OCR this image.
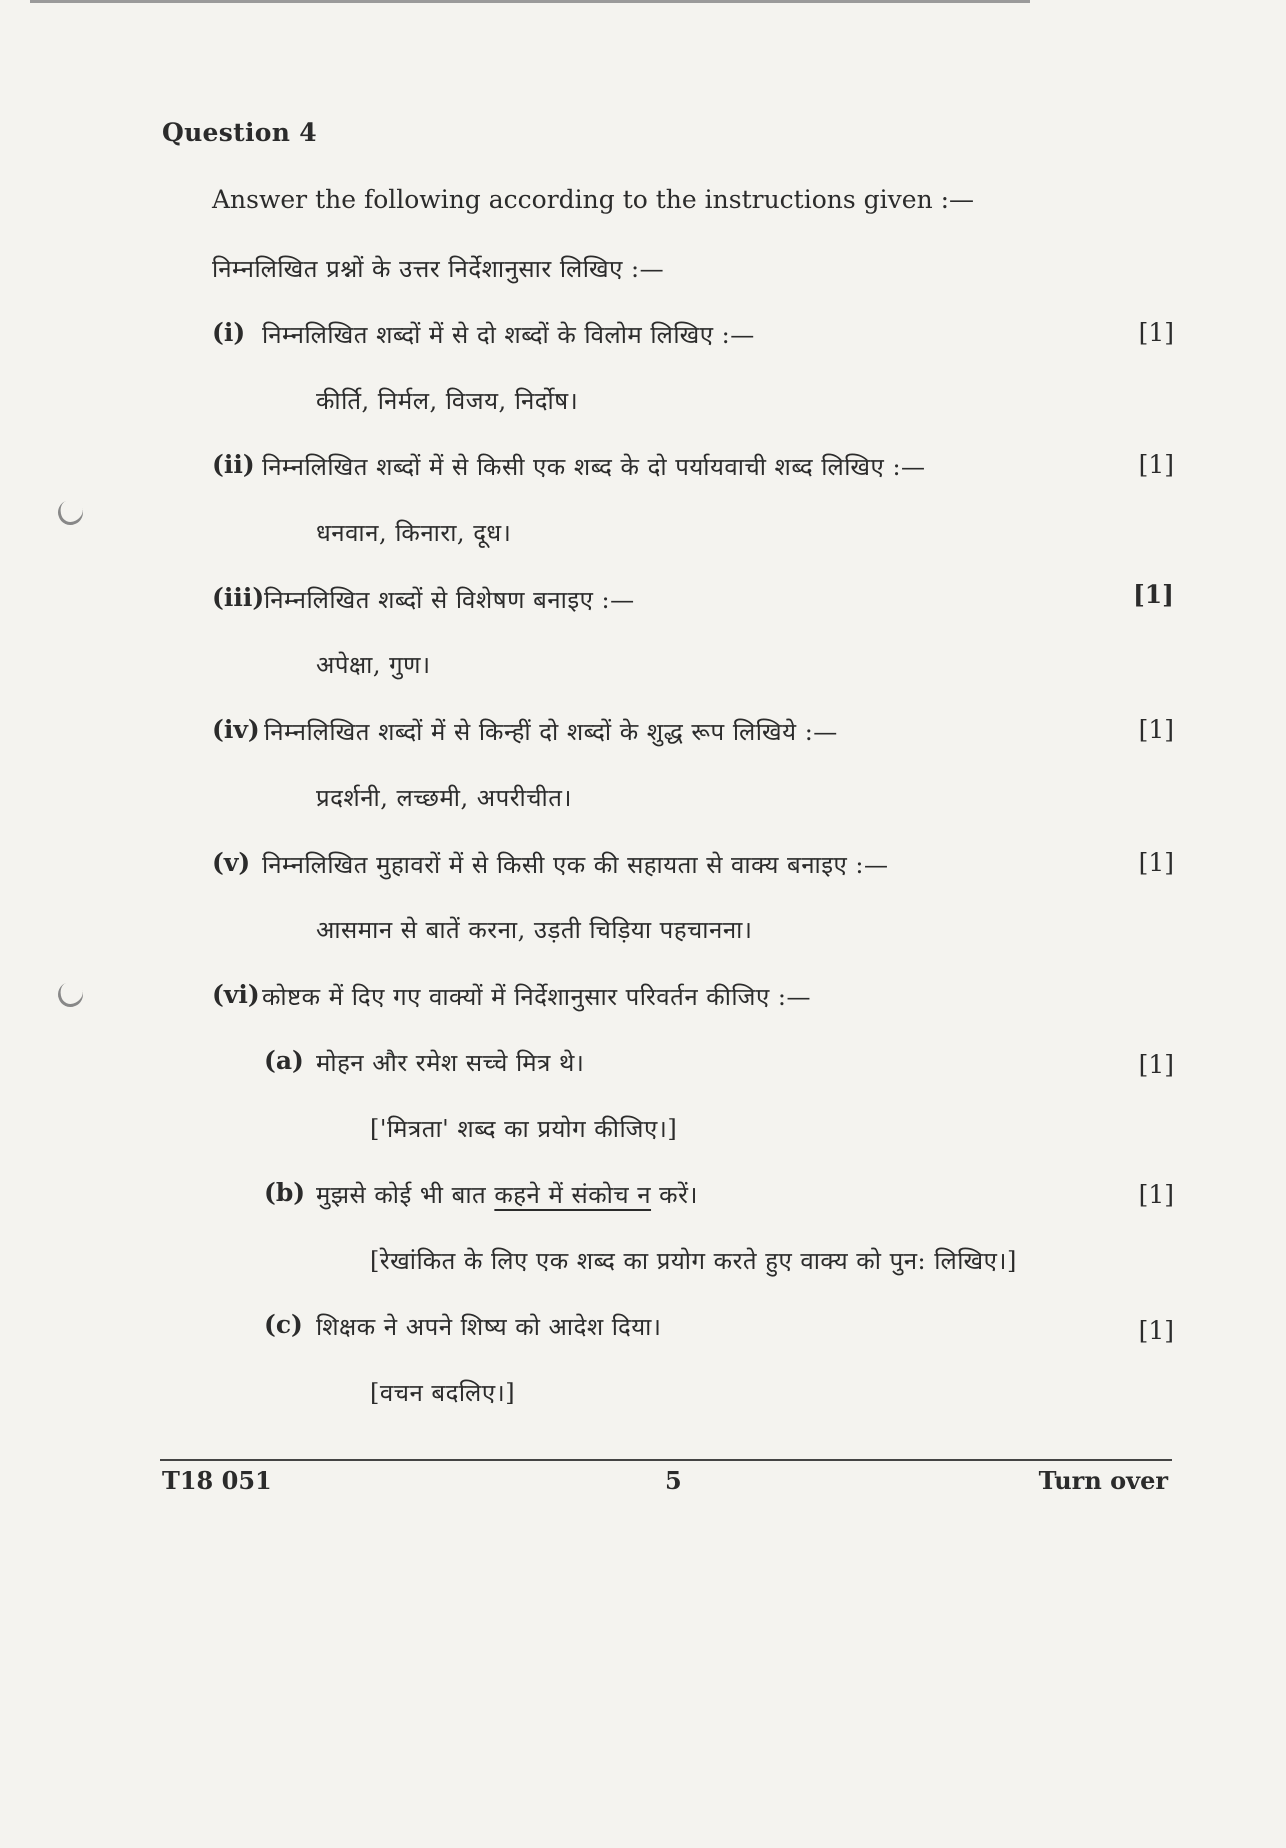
Question 4
Answer the following according to the instructions given :—
निम्नलिखित प्रश्नों के उत्तर निर्देशानुसार लिखिए :—
(i) निम्नलिखित शब्दों में से दो शब्दों के विलोम लिखिए :—	[1]
कीर्ति, निर्मल, विजय, निर्दोष।
(ii) निम्नलिखित शब्दों में से किसी एक शब्द के दो पर्यायवाची शब्द लिखिए :—	[1]
धनवान, किनारा, दूध।
(iii) निम्नलिखित शब्दों से विशेषण बनाइए :—	[1]
अपेक्षा, गुण।
(iv) निम्नलिखित शब्दों में से किन्हीं दो शब्दों के शुद्ध रूप लिखिये :—	[1]
प्रदर्शनी, लच्छमी, अपरीचीत।
(v) निम्नलिखित मुहावरों में से किसी एक की सहायता से वाक्य बनाइए :—	[1]
आसमान से बातें करना, उड़ती चिड़िया पहचानना।
(vi) कोष्टक में दिए गए वाक्यों में निर्देशानुसार परिवर्तन कीजिए :—
(a) मोहन और रमेश सच्चे मित्र थे।	[1]
['मित्रता' शब्द का प्रयोग कीजिए।]
(b) मुझसे कोई भी बात कहने में संकोच न करें।	[1]
[रेखांकित के लिए एक शब्द का प्रयोग करते हुए वाक्य को पुन: लिखिए।]
(c) शिक्षक ने अपने शिष्य को आदेश दिया।	[1]
[वचन बदलिए।]
T18 051	5	Turn over
